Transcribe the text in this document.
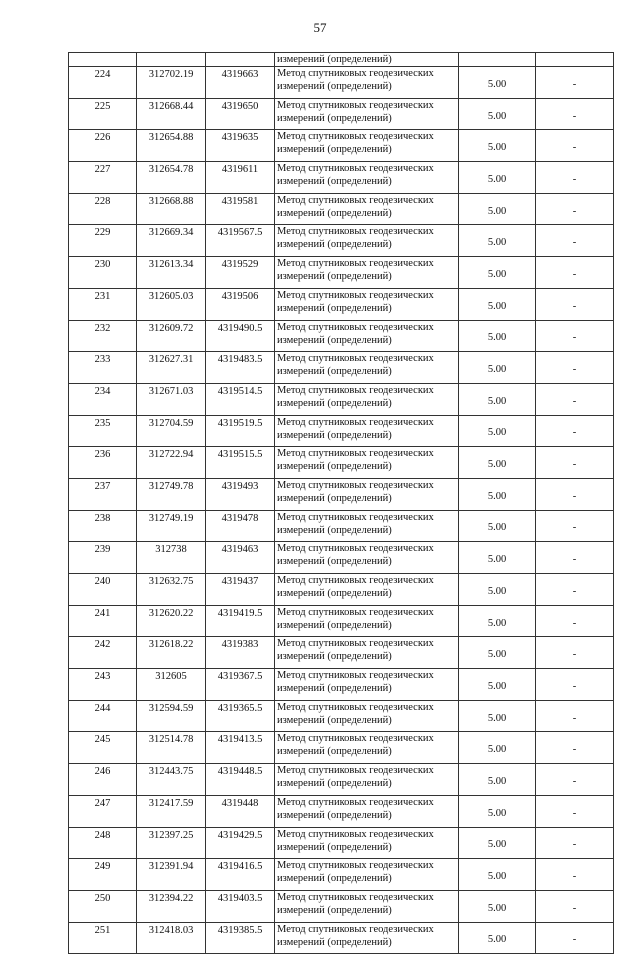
57
			измерений (определений)		
224	312702.19	4319663	Метод спутниковых геодезических
измерений (определений)	5.00	-
225	312668.44	4319650	Метод спутниковых геодезических
измерений (определений)	5.00	-
226	312654.88	4319635	Метод спутниковых геодезических
измерений (определений)	5.00	-
227	312654.78	4319611	Метод спутниковых геодезических
измерений (определений)	5.00	-
228	312668.88	4319581	Метод спутниковых геодезических
измерений (определений)	5.00	-
229	312669.34	4319567.5	Метод спутниковых геодезических
измерений (определений)	5.00	-
230	312613.34	4319529	Метод спутниковых геодезических
измерений (определений)	5.00	-
231	312605.03	4319506	Метод спутниковых геодезических
измерений (определений)	5.00	-
232	312609.72	4319490.5	Метод спутниковых геодезических
измерений (определений)	5.00	-
233	312627.31	4319483.5	Метод спутниковых геодезических
измерений (определений)	5.00	-
234	312671.03	4319514.5	Метод спутниковых геодезических
измерений (определений)	5.00	-
235	312704.59	4319519.5	Метод спутниковых геодезических
измерений (определений)	5.00	-
236	312722.94	4319515.5	Метод спутниковых геодезических
измерений (определений)	5.00	-
237	312749.78	4319493	Метод спутниковых геодезических
измерений (определений)	5.00	-
238	312749.19	4319478	Метод спутниковых геодезических
измерений (определений)	5.00	-
239	312738	4319463	Метод спутниковых геодезических
измерений (определений)	5.00	-
240	312632.75	4319437	Метод спутниковых геодезических
измерений (определений)	5.00	-
241	312620.22	4319419.5	Метод спутниковых геодезических
измерений (определений)	5.00	-
242	312618.22	4319383	Метод спутниковых геодезических
измерений (определений)	5.00	-
243	312605	4319367.5	Метод спутниковых геодезических
измерений (определений)	5.00	-
244	312594.59	4319365.5	Метод спутниковых геодезических
измерений (определений)	5.00	-
245	312514.78	4319413.5	Метод спутниковых геодезических
измерений (определений)	5.00	-
246	312443.75	4319448.5	Метод спутниковых геодезических
измерений (определений)	5.00	-
247	312417.59	4319448	Метод спутниковых геодезических
измерений (определений)	5.00	-
248	312397.25	4319429.5	Метод спутниковых геодезических
измерений (определений)	5.00	-
249	312391.94	4319416.5	Метод спутниковых геодезических
измерений (определений)	5.00	-
250	312394.22	4319403.5	Метод спутниковых геодезических
измерений (определений)	5.00	-
251	312418.03	4319385.5	Метод спутниковых геодезических
измерений (определений)	5.00	-
